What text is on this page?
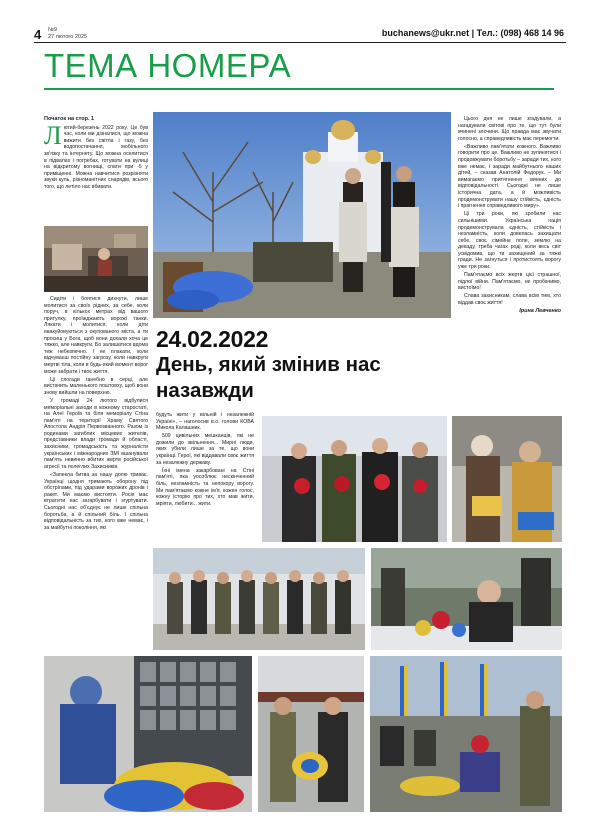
4 №9
27 лютого 2025	buchanews@ukr.net | Тел.: (098) 468 14 96
ТЕМА НОМЕРА
Початок на стор. 1

Лютий-березень 2022 року. Це був час, коли ми дізналися, що можна вижити без світла і газу, без водопостачання, мобільного зв'язку та інтернету. Що можна оселитися в підвалах і погребах, готувати на вулиці на відкритому вогнищі, спати при -5 у приміщенні. Можна навчитися розрізняти звуки куль, різноманітних снарядів, всього того, що летіло нас вбивати.

Сидіти і боятися дихнути, лише молитися за своїх рідних, за себе, коли поруч, в кількох метрах від вашого притулку, проїжджають ворожі танки. Лякати і молитися, коли діти евакуйовуються з окупованого міста, а ти просиш у Бога, щоб вони дохали хоча це тяжко, але навкруги. Бо залишатися вдома теж небезпечно. І не плакати, коли відчуваєш постійну загрозу, коли навкруги мертві тіла, коли в будь-який момент ворог може забрати і твоє життя.

Ці спогади ганебно в серці, але вистачить маленького поштовху, щоб вони знову вийшли на поверхню.

У громаді 24 лютого відбулися меморіальні заходи в кожному старостаті, на Алеї Героїв та біля меморіалу Стіна пам'яті на території Храму Святого Апостола Андрія Первозванного. Разом із родинами загиблих місцевих жителів, представники влади громади й області, захисники, громадськість та журналісти українських і міжнародних ЗМІ вшанували пам'ять невинно вбитих жертв російської агресії та полеглих Захисників.

«Запекла битва за нашу долю триває. Українці щодня тримають оборону під обстрілами, під ударами ворожих дронів і ракет. Ми маємо вистояти. Росія має втратити нас загарбувати і згуртувати. Сьогодні нас об'єднує не лише спільна боротьба, а й спільний біль. І спільна відповідальність за тих, кого вже немає, і за майбутні покоління, які

24.02.2022
День, який змінив нас назавжди

будуть жити у вільній і незалежній Україні», – наголосив в.о. голови КОВА Микола Калашник.

509 цивільних мешканців, які не дожили до звільнення... Мирні люди, яких убили лише за те, що вони українці. Герої, які віддавали своє життя за незалежну державу.

Їхні імена закарбовані на Стіні пам'яті, яка уособлює нескінченний біль, незламність та непокору ворогу. Ми пам'ятаємо кожне ім'я, кожен голос, кожну історію про тих, хто мав жити, мріяти, любити... жити.

Цього дня не лише згадували, а нагадували світові про те, що тут були вчинені злочини. Що правда має звучати голосно, а справедливість має перемогти.

«Важливо пам'ятати кожного. Важливо говорити про це. Важливо не зупинятися і продовжувати боротьбу – заради тих, кого вже немає, і заради майбутнього наших дітей, – сказав Анатолій Федорук. – Ми вимагаємо притягнення винних до відповідальності. Сьогодні не лише історична дата, а й можливість продемонструвати нашу стійкість, єдність і прагнення справедливого миру».

Ці три роки, які зробили нас сильнішими. Українська нація продемонструвала єдність, стійкість і незламність, коли довелась захищати себе, своє сімейне поле, землю на декаду, треба чагах роді, коли весь світ усвідомив, що ти захищений за тяжкі гради. Не загнуться і протистоять ворогу уже три роки.

Пам'ятаємо всіх жертв цієї страшної, підлої війни. Пам'ятаємо, не пробачимо, виcтоїмо!

Слава захисникам, слава всім тим, хто віддав своє життя!

Ірина Левченко
